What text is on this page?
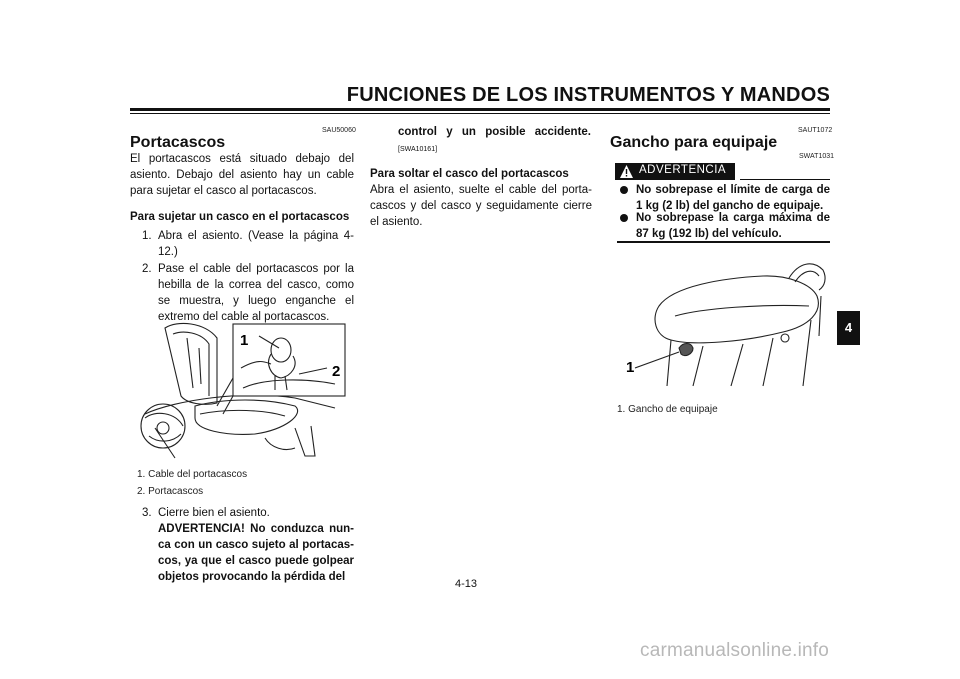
FUNCIONES DE LOS INSTRUMENTOS Y MANDOS
4
SAU50060
Portacascos
El portacascos está situado debajo del asiento. Debajo del asiento hay un cable para sujetar el casco al portacascos.
Para sujetar un casco en el portacascos
1. Abra el asiento. (Vease la página 4-12.)
2. Pase el cable del portacascos por la hebilla de la correa del casco, como se muestra, y luego enganche el extremo del cable al portacascos.
1
2
1. Cable del portacascos
2. Portacascos
3. Cierre bien el asiento.
ADVERTENCIA! No conduzca nunca con un casco sujeto al portacascos, ya que el casco puede golpear objetos provocando la pérdida del
control y un posible accidente.[SWA10161]
Para soltar el casco del portacascos
Abra el asiento, suelte el cable del portacascos y del casco y seguidamente cierre el asiento.
SAUT1072
Gancho para equipaje
SWAT1031
ADVERTENCIA
No sobrepase el límite de carga de 1 kg (2 lb) del gancho de equipaje.
No sobrepase la carga máxima de 87 kg (192 lb) del vehículo.
1
1. Gancho de equipaje
4-13
carmanualsonline.info
